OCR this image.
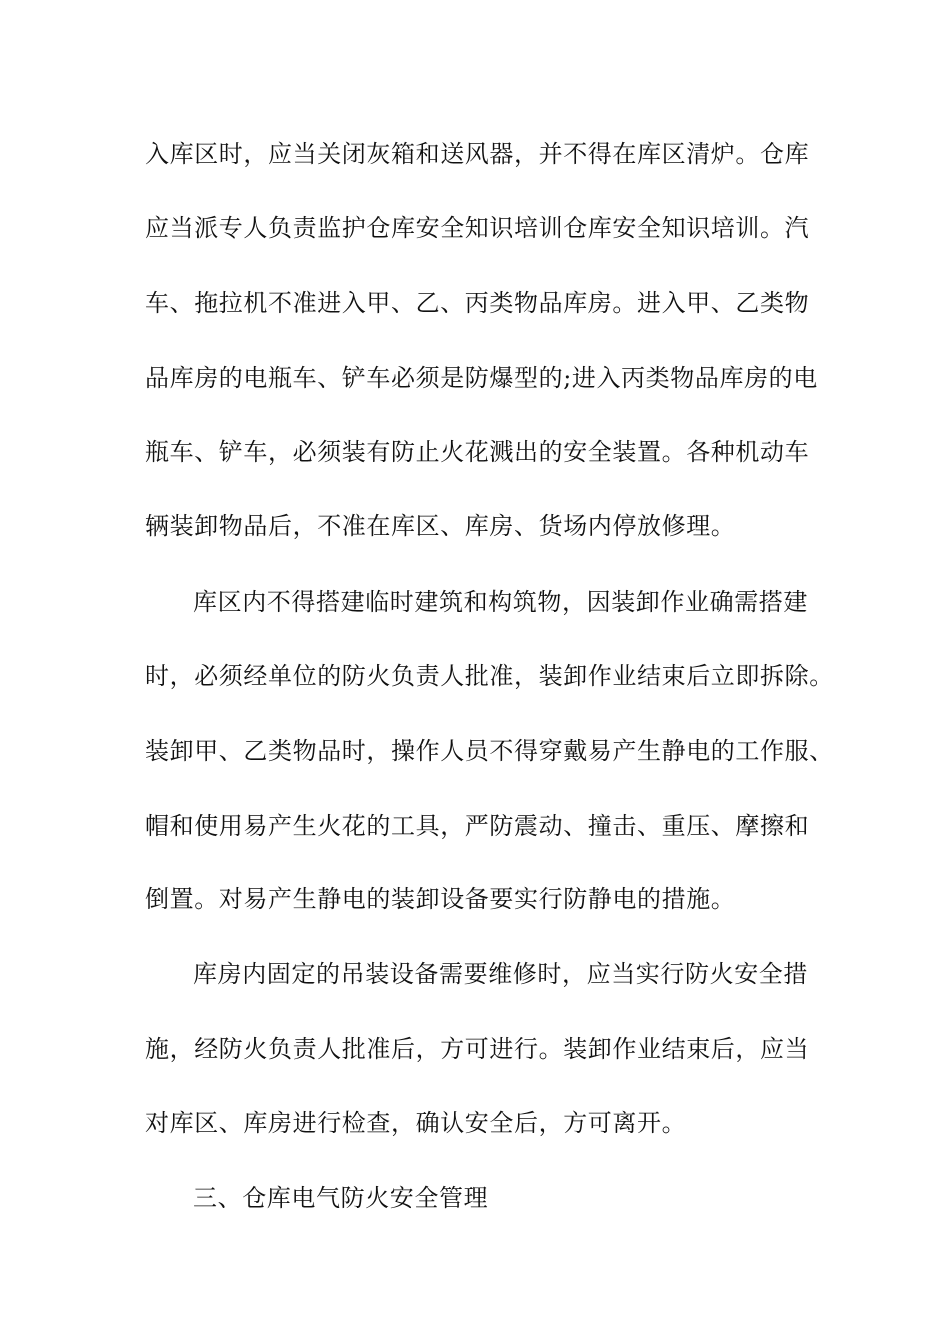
入库区时，应当关闭灰箱和送风器，并不得在库区清炉。仓库
应当派专人负责监护仓库安全知识培训仓库安全知识培训。汽
车、拖拉机不准进入甲、乙、丙类物品库房。进入甲、乙类物
品库房的电瓶车、铲车必须是防爆型的;进入丙类物品库房的电
瓶车、铲车，必须装有防止火花溅出的安全装置。各种机动车
辆装卸物品后，不准在库区、库房、货场内停放修理。
库区内不得搭建临时建筑和构筑物，因装卸作业确需搭建
时，必须经单位的防火负责人批准，装卸作业结束后立即拆除。
装卸甲、乙类物品时，操作人员不得穿戴易产生静电的工作服、
帽和使用易产生火花的工具，严防震动、撞击、重压、摩擦和
倒置。对易产生静电的装卸设备要实行防静电的措施。
库房内固定的吊装设备需要维修时，应当实行防火安全措
施，经防火负责人批准后，方可进行。装卸作业结束后，应当
对库区、库房进行检查，确认安全后，方可离开。
三、仓库电气防火安全管理
